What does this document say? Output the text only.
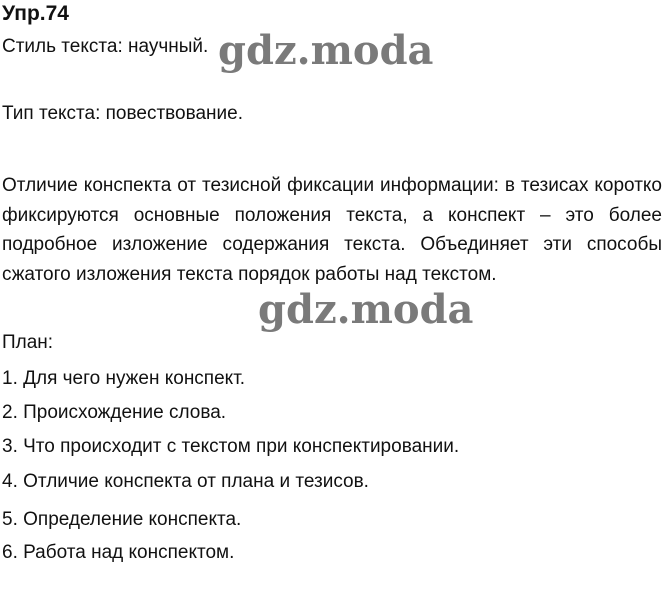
Упр.74
Стиль текста: научный.
Тип текста: повествование.
Отличие конспекта от тезисной фиксации информации: в тезисах коротко фиксируются основные положения текста, а конспект – это более подробное изложение содержания текста. Объединяет эти способы сжатого изложения текста порядок работы над текстом.
План:
1. Для чего нужен конспект.
2. Происхождение слова.
3. Что происходит с текстом при конспектировании.
4. Отличие конспекта от плана и тезисов.
5. Определение конспекта.
6. Работа над конспектом.
gdz.moda
gdz.moda
